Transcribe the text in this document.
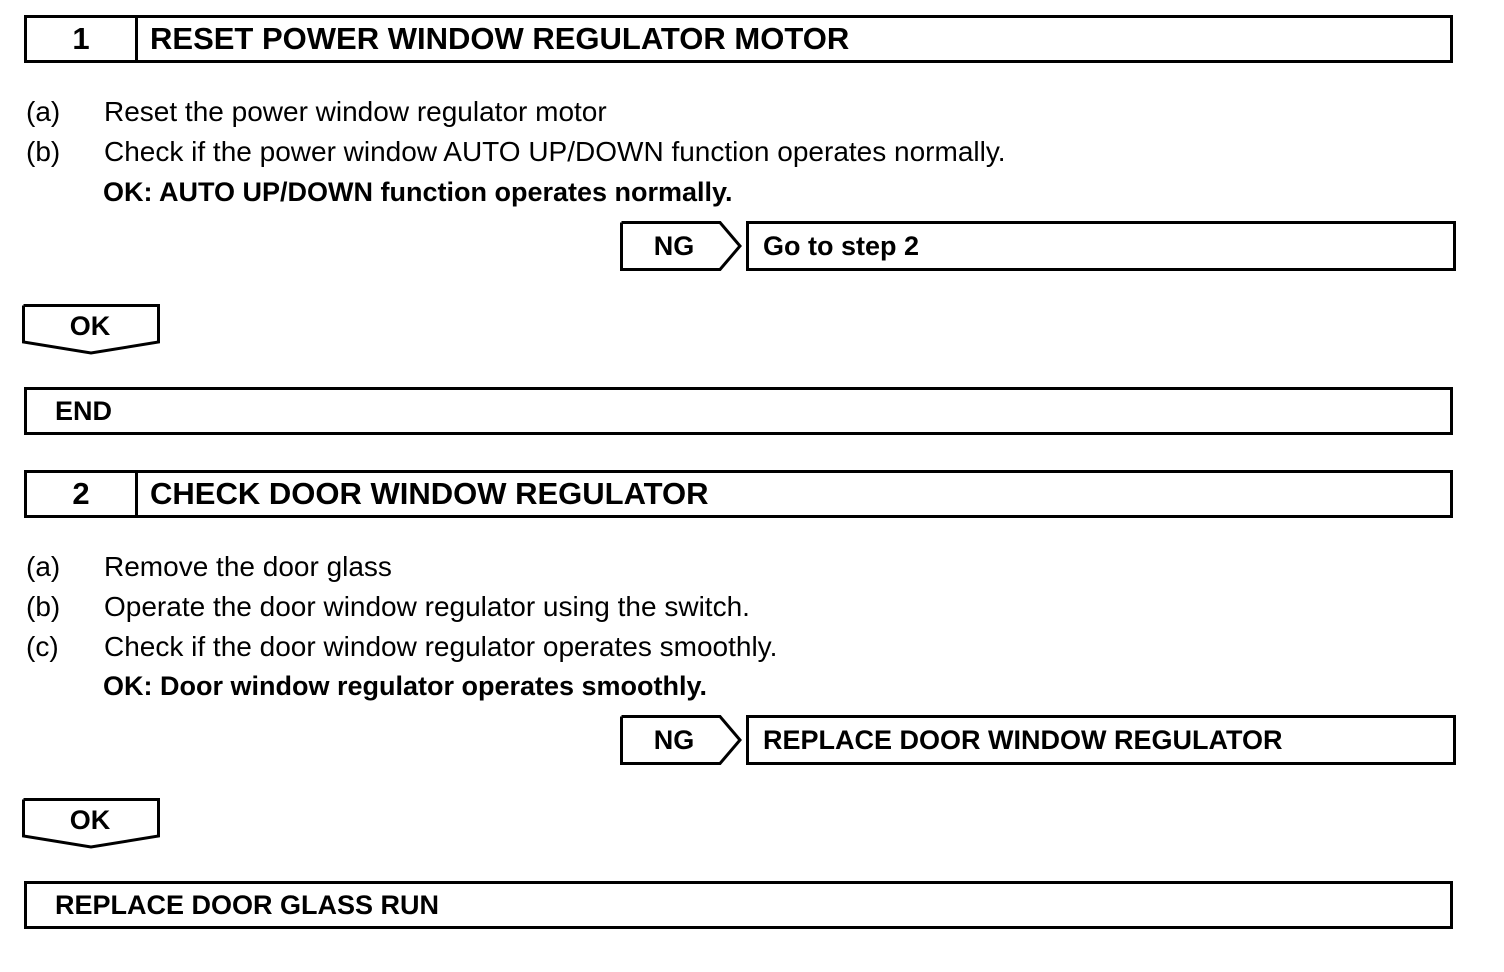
1	RESET POWER WINDOW REGULATOR MOTOR
(a) Reset the power window regulator motor
(b) Check if the power window AUTO UP/DOWN function operates normally.
OK: AUTO UP/DOWN function operates normally.
NG	Go to step 2
OK
END
2	CHECK DOOR WINDOW REGULATOR
(a) Remove the door glass
(b) Operate the door window regulator using the switch.
(c) Check if the door window regulator operates smoothly.
OK: Door window regulator operates smoothly.
NG	REPLACE DOOR WINDOW REGULATOR
OK
REPLACE DOOR GLASS RUN
